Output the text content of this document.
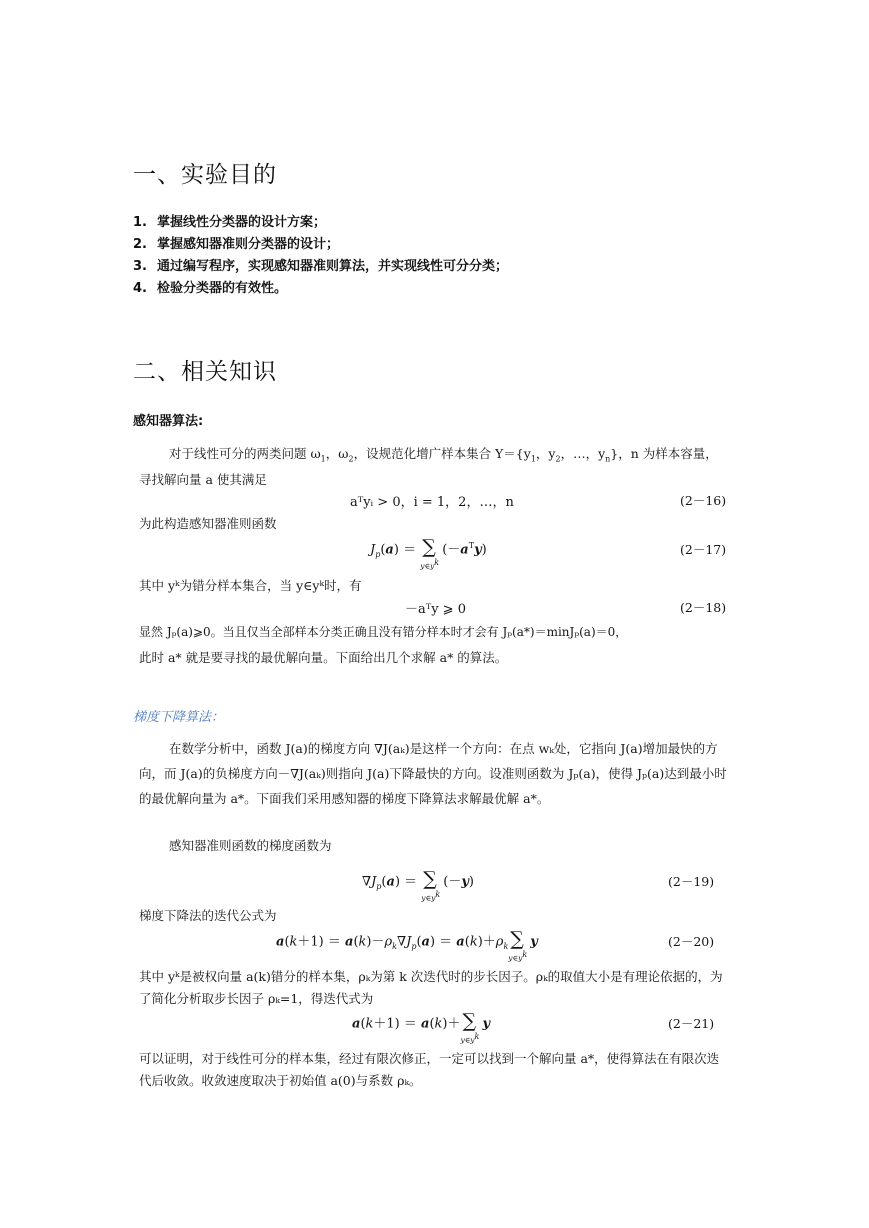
一、实验目的
1. 掌握线性分类器的设计方案；
2. 掌握感知器准则分类器的设计；
3. 通过编写程序，实现感知器准则算法，并实现线性可分分类；
4. 检验分类器的有效性。
二、相关知识
感知器算法:
对于线性可分的两类问题 $\omega_1$，$\omega_2$，设规范化增广样本集合 $Y=\{y_1$，$y_2$，…，$y_n$}，n 为样本容量，寻找解向量 a 使其满足
aᵀyᵢ > 0，i = 1，2，…，n	(2－16)
为此构造感知器准则函数
$J_p(a)$ ＝ ∑
$y\in y^k$
$(-a^Ty)$	(2－17)
其中 yᵏ为错分样本集合，当 y∈yᵏ时，有
－aᵀy ⩾ 0	(2－18)
显然 Jₚ(a)⩾0。当且仅当全部样本分类正确且没有错分样本时才会有 Jₚ(a*)＝minJₚ(a)＝0，
此时 a* 就是要寻找的最优解向量。下面给出几个求解 a* 的算法。
梯度下降算法：
在数学分析中，函数 J(a)的梯度方向 ∇J(aₖ)是这样一个方向：在点 wₖ处，它指向 J(a)增加最快的方向，而 J(a)的负梯度方向－∇J(aₖ)则指向 J(a)下降最快的方向。设准则函数为 Jₚ(a)，使得 Jₚ(a)达到最小时的最优解向量为 a*。下面我们采用感知器的梯度下降算法求解最优解 a*。
感知器准则函数的梯度函数为
$\nabla J_p(a)$ ＝ ∑
$y\in y^k$
(－y)	(2－19)
梯度下降法的迭代公式为
$a(k+1) = a(k)-\rho_k\nabla J_p(a) = a(k)+\rho_k$ ∑
$y\in y^k$
y	(2－20)
其中 yᵏ是被权向量 a(k)错分的样本集，ρₖ为第 k 次迭代时的步长因子。ρₖ的取值大小是有理论依据的，为了简化分析取步长因子 ρₖ=1，得迭代式为
a(k＋1) ＝ a(k)＋ ∑
$y\in y^k$
y	(2－21)
可以证明，对于线性可分的样本集，经过有限次修正，一定可以找到一个解向量 a*，使得算法在有限次迭代后收敛。收敛速度取决于初始值 a(0)与系数 ρₖ。
